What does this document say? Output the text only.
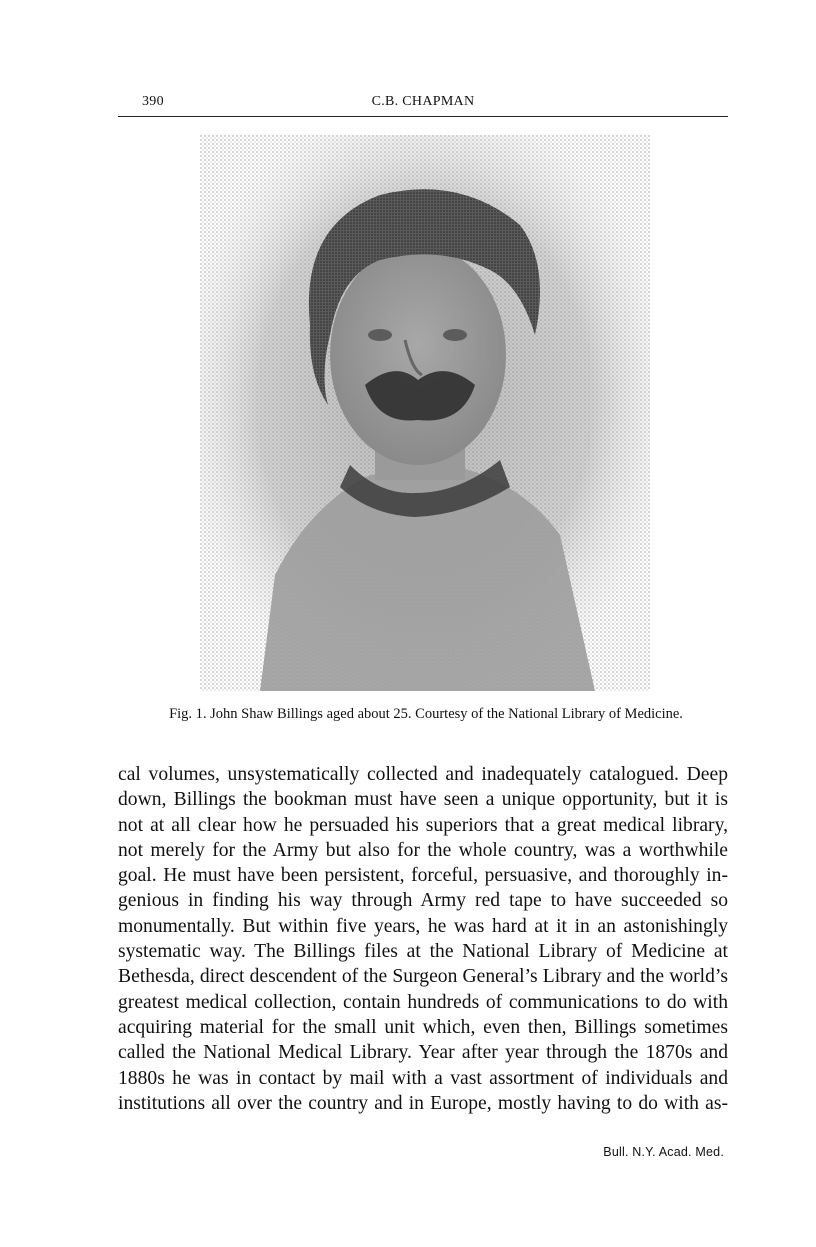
390	C.B. CHAPMAN
Fig. 1. John Shaw Billings aged about 25. Courtesy of the National Library of Medicine.
cal volumes, unsystematically collected and inadequately catalogued. Deep
down, Billings the bookman must have seen a unique opportunity, but it is
not at all clear how he persuaded his superiors that a great medical library,
not merely for the Army but also for the whole country, was a worthwhile
goal. He must have been persistent, forceful, persuasive, and thoroughly in-
genious in finding his way through Army red tape to have succeeded so
monumentally. But within five years, he was hard at it in an astonishingly
systematic way. The Billings files at the National Library of Medicine at
Bethesda, direct descendent of the Surgeon General’s Library and the world’s
greatest medical collection, contain hundreds of communications to do with
acquiring material for the small unit which, even then, Billings sometimes
called the National Medical Library. Year after year through the 1870s and
1880s he was in contact by mail with a vast assortment of individuals and
institutions all over the country and in Europe, mostly having to do with as-
Bull. N.Y. Acad. Med.
